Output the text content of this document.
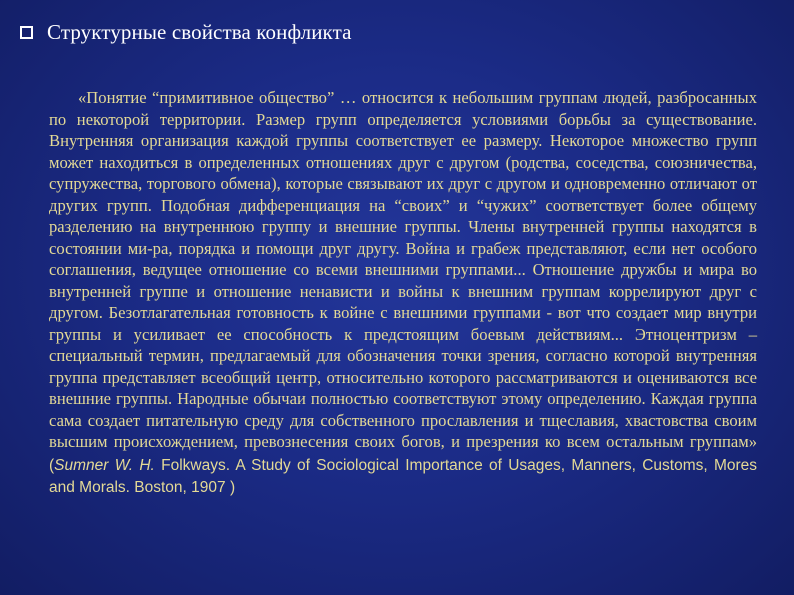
Структурные свойства конфликта

«Понятие “примитивное общество” … относится к небольшим группам людей, разбросанных по некоторой территории. Размер групп определяется условиями борьбы за существование. Внутренняя организация каждой группы соответствует ее размеру. Некоторое множество групп может находиться в определенных отношениях друг с другом (родства, соседства, союзничества, супружества, торгового обмена), которые связывают их друг с другом и одновременно отличают от других групп. Подобная дифференциация на “своих” и “чужих” соответствует более общему разделению на внутреннюю группу и внешние группы. Члены внутренней группы находятся в состоянии ми-ра, порядка и помощи друг другу. Война и грабеж представляют, если нет особого соглашения, ведущее отношение со всеми внешними группами... Отношение дружбы и мира во внутренней группе и отношение ненависти и войны к внешним группам коррелируют друг с другом. Безотлагательная готовность к войне с внешними группами - вот что создает мир внутри группы и усиливает ее способность к предстоящим боевым действиям... Этноцентризм – специальный термин, предлагаемый для обозначения точки зрения, согласно которой внутренняя группа представляет всеобщий центр, относительно которого рассматриваются и оцениваются все внешние группы. Народные обычаи полностью соответствуют этому определению. Каждая группа сама создает питательную среду для собственного прославления и тщеславия, хвастовства своим высшим происхождением, превознесения своих богов, и презрения ко всем остальным группам» (Sumner W. H. Folkways. A Study of Sociological Importance of Usages, Manners, Customs, Mores and Morals. Boston, 1907 )
